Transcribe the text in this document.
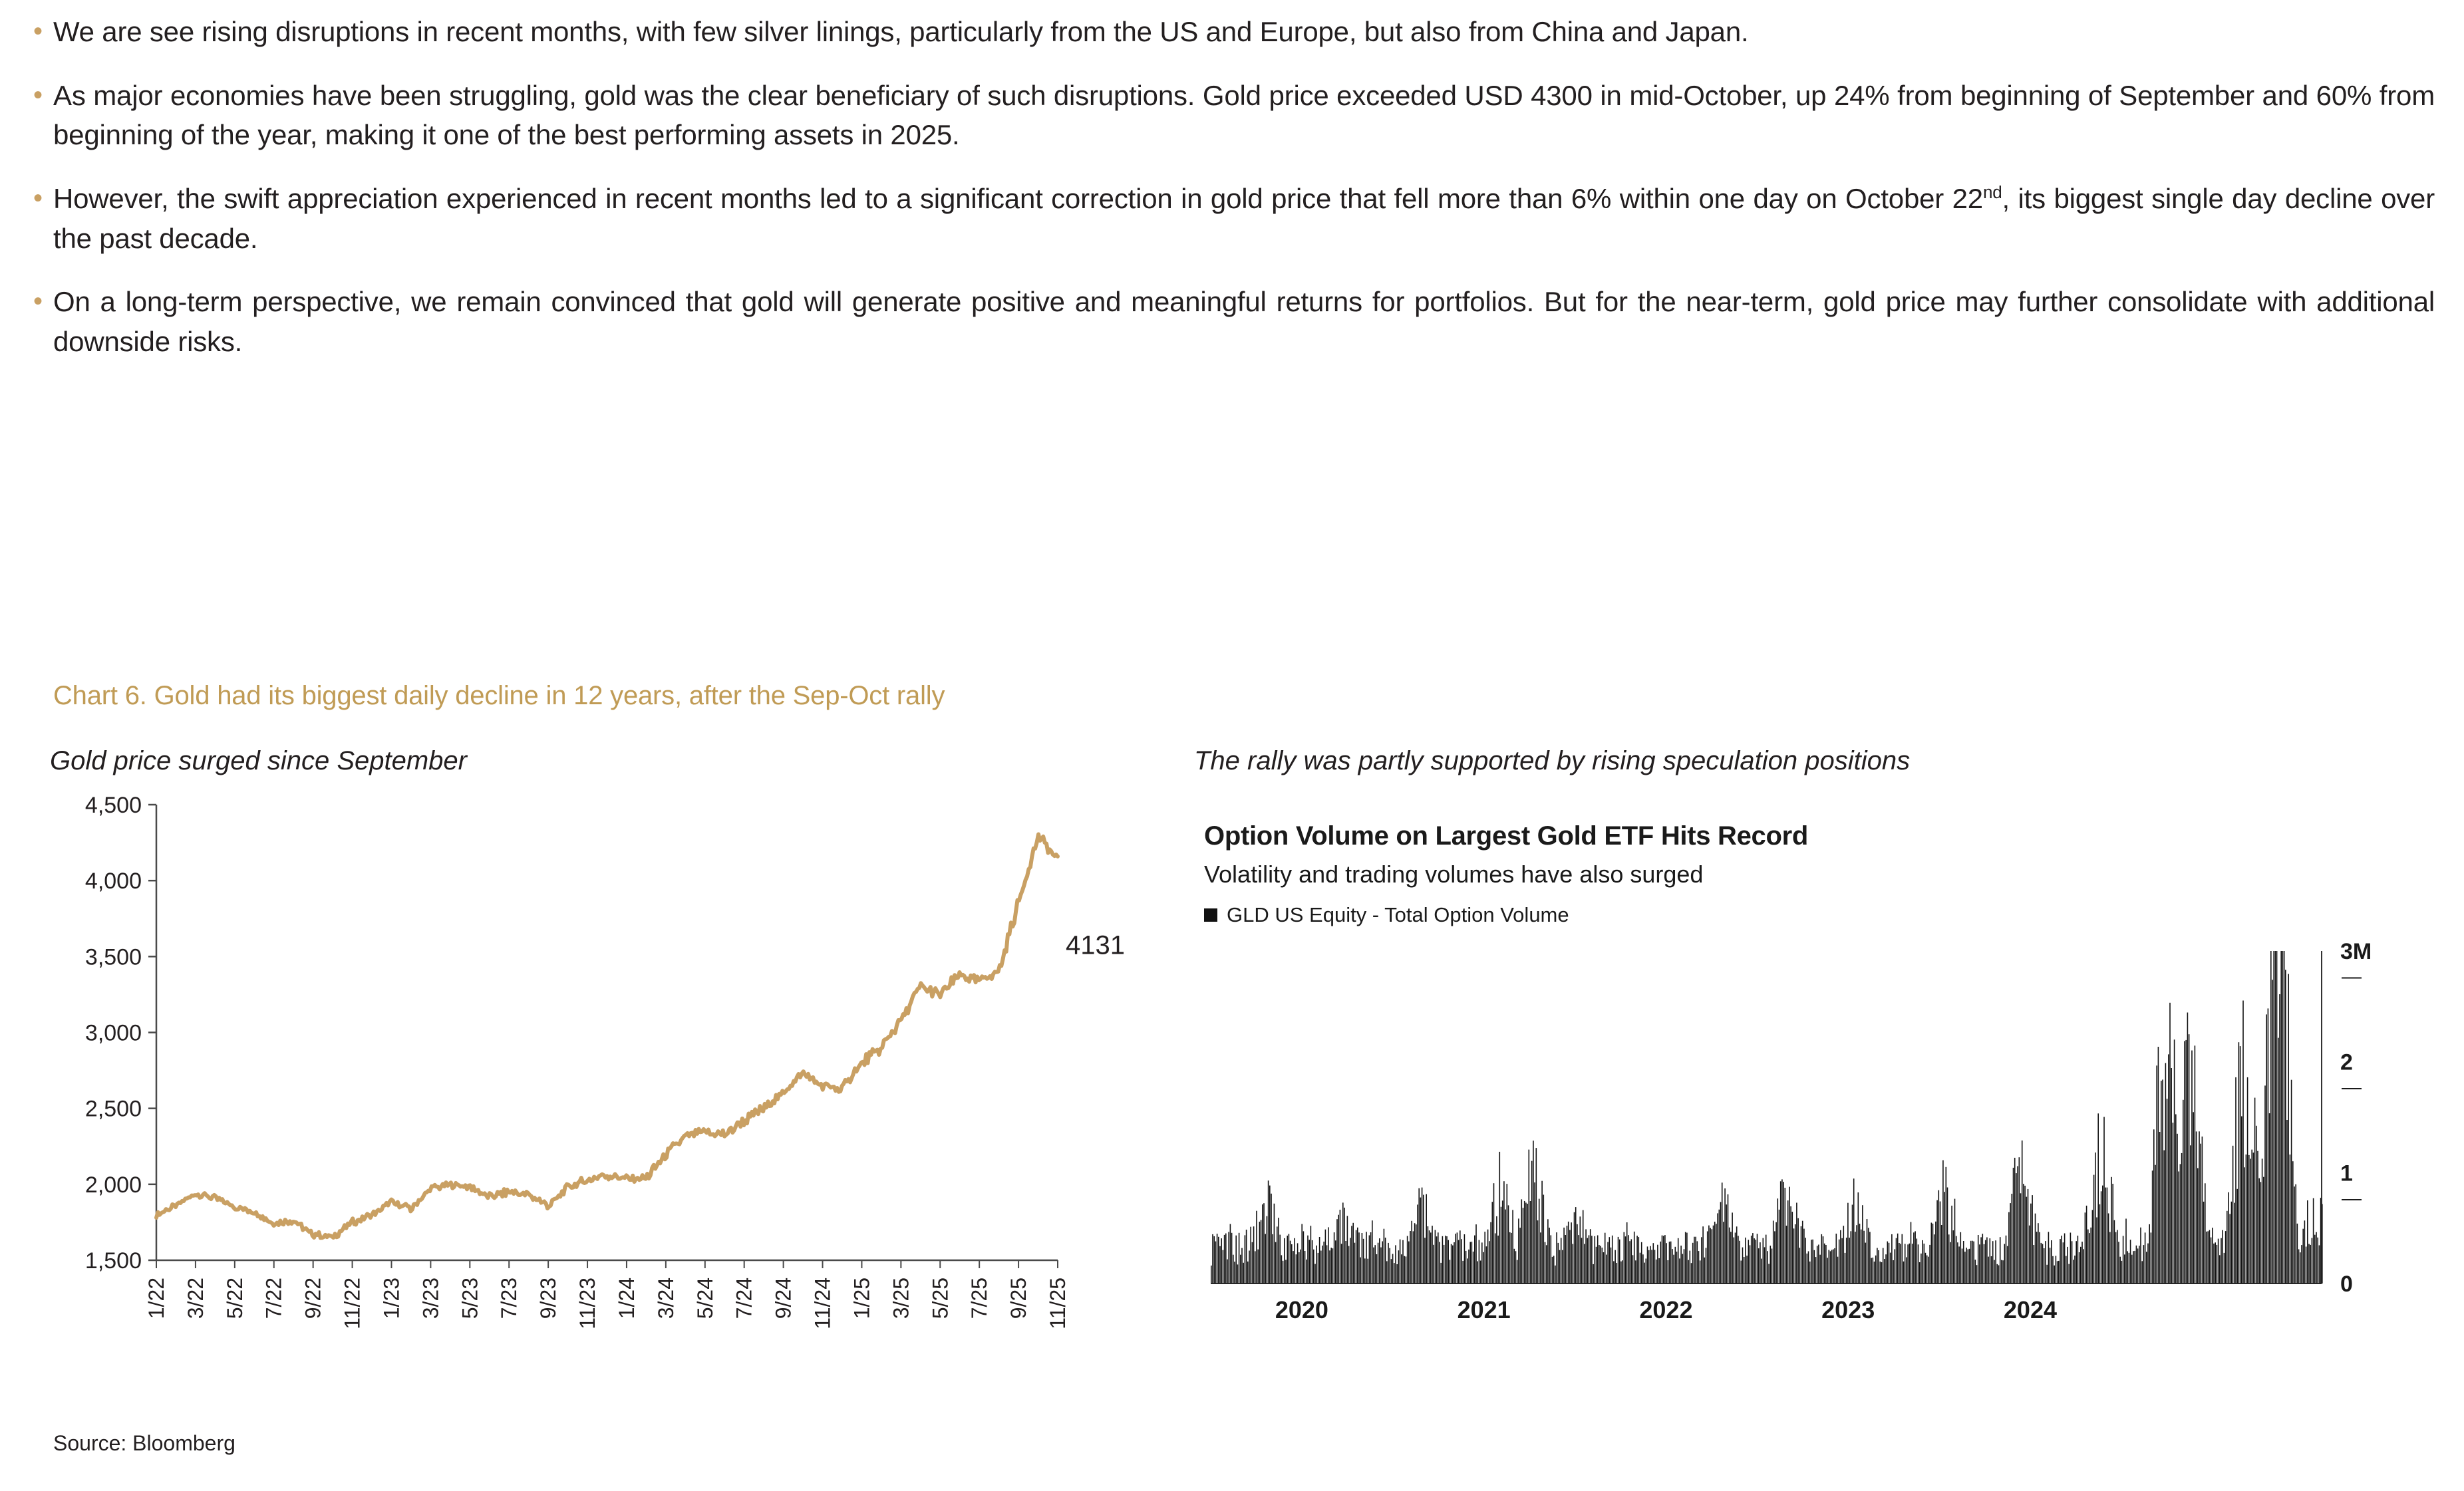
• We are see rising disruptions in recent months, with few silver linings, particularly from the US and Europe, but also from China and Japan.
• As major economies have been struggling, gold was the clear beneficiary of such disruptions. Gold price exceeded USD 4300 in mid-October, up 24% from beginning of September and 60% from beginning of the year, making it one of the best performing assets in 2025.
• However, the swift appreciation experienced in recent months led to a significant correction in gold price that fell more than 6% within one day on October 22nd, its biggest single day decline over the past decade.
• On a long-term perspective, we remain convinced that gold will generate positive and meaningful returns for portfolios. But for the near-term, gold price may further consolidate with additional downside risks.
Chart 6. Gold had its biggest daily decline in 12 years, after the Sep-Oct rally
Gold price surged since September	The rally was partly supported by rising speculation positions
1,500
2,000
2,500
3,000
3,500
4,000
4,500
1/22 3/22 5/22 7/22 9/22 11/22 1/23 3/23 5/23 7/23 9/23 11/23 1/24 3/24 5/24 7/24 9/24 11/24 1/25 3/25 5/25 7/25 9/25 11/25
4131
Option Volume on Largest Gold ETF Hits Record
Volatility and trading volumes have also surged
GLD US Equity - Total Option Volume
0
1
—
2
—
3M
—
2020	2021	2022	2023	2024
Source: Bloomberg
